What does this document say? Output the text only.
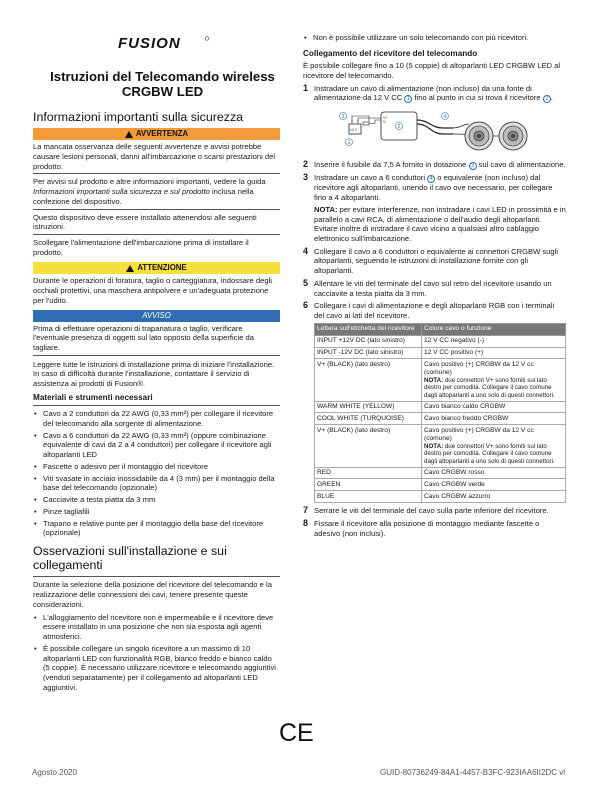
FUSION
Istruzioni del Telecomando wireless
CRGBW LED
Informazioni importanti sulla sicurezza
AVVERTENZA

La mancata osservanza delle seguenti avvertenze e avvisi potrebbe causare lesioni personali, danni all'imbarcazione o scarsi prestazioni del prodotto.

Per avvisi sul prodotto e altre informazioni importanti, vedere la guida Informazioni importanti sulla sicurezza e sul prodotto inclusa nella confezione del dispositivo.

Questo dispositivo deve essere installato attenendosi alle seguenti istruzioni.

Scollegare l'alimentazione dell'imbarcazione prima di installare il prodotto.

ATTENZIONE

Durante le operazioni di foratura, taglio o carteggiatura, indossare degli occhiali protettivi, una maschera antipolvere e un'adeguata protezione per l'udito.

AVVISO

Prima di effettuare operazioni di trapanatura o taglio, verificare l'eventuale presenza di oggetti sul lato opposto della superficie da tagliare.

Leggere tutte le istruzioni di installazione prima di iniziare l'installazione. In caso di difficoltà durante l'installazione, contattare il servizio di assistenza ai prodotti di Fusion®.

Materiali e strumenti necessari
• Cavo a 2 conduttori da 22 AWG (0,33 mm²) per collegare il ricevitore del telecomando alla sorgente di alimentazione.
• Cavo a 6 conduttori da 22 AWG (0,33 mm²) (oppure combinazione equivalente di cavi da 2 a 4 conduttori) per collegare il ricevitore agli altoparlanti LED
• Fascette o adesivo per il montaggio del ricevitore
• Viti svasate in acciaio inossidabile da 4 (3 mm) per il montaggio della base del telecomando (opzionale)
• Cacciavite a testa piatta da 3 mm
• Pinze tagliafili
• Trapano e relative punte per il montaggio della base del ricevitore (opzionale)
Osservazioni sull'installazione e sui collegamenti

Durante la selezione della posizione del ricevitore del telecomando e la realizzazione delle connessioni dei cavi, tenere presente queste considerazioni.

• L'alloggiamento del ricevitore non è impermeabile e il ricevitore deve essere installato in una posizione che non sia esposta agli agenti atmosferici.
• È possibile collegare un singolo ricevitore a un massimo di 10 altoparlanti LED con funzionalità RGB, bianco freddo e bianco caldo (5 coppie). È necessario utilizzare ricevitore e telecomando aggiuntivi (venduti separatamente) per il collegamento ad altoparlanti LED aggiuntivi.
• Non è possibile utilizzare un solo telecomando con più ricevitori.
Collegamento del ricevitore del telecomando

È possibile collegare fino a 10 (5 coppie) di altoparlanti LED CRGBW LED al ricevitore del telecomando.

1 Instradare un cavo di alimentazione (non incluso) da una fonte di alimentazione da 12 V CC 1 fino al punto in cui si trova il ricevitore 2 .
12 V
V+
V-
3
1
2
4
2 Inserire il fusibile da 7,5 A fornito in dotazione 3 sul cavo di alimentazione.
3 Instradare un cavo a 6 conduttori 4 o equivalente (non incluso) dal ricevitore agli altoparlanti, unendo il cavo ove necessario, per collegare fino a 4 altoparlanti.

NOTA: per evitare interferenze, non instradare i cavi LED in prossimità e in parallelo a cavi RCA, di alimentazione o dell'audio degli altoparlanti. Evitare inoltre di instradare il cavo vicino a qualsiasi altro cablaggio elettronico sull'imbarcazione.

4 Collegare il cavo a 6 conduttori o equivalente ai connettori CRGBW sugli altoparlanti, seguendo le istruzioni di installazione fornite con gli altoparlanti.
5 Allentare le viti del terminale del cavo sul retro del ricevitore usando un cacciavite a testa piatta da 3 mm.
6 Collegare i cavi di alimentazione e degli altoparlanti RGB con i terminali del cavo ai lati del ricevitore.
Lettera sull'etichetta del ricevitore	Colore cavo o funzione
INPUT +12V DC (lato sinistro)	12 V CC negativo (-)
INPUT -12V DC (lato sinistro)	12 V CC positivo (+)
V+ (BLACK) (lato destro)	Cavo positivo (+) CRGBW da 12 V cc (comune)
NOTA: due connettori V+ sono forniti sul lato destro per comodità. Collegare il cavo comune dagli altoparlanti a uno solo di questi connettori.

WARM WHITE (YELLOW)	Cavo bianco caldo CRGBW
COOL WHITE (TURQUOISE)	Cavo bianco freddo CRGBW
V+ (BLACK) (lato destro)	Cavo positivo (+) CRGBW da 12 V cc (comune)
NOTA: due connettori V+ sono forniti sul lato destro per comodità. Collegare il cavo comune dagli altoparlanti a uno solo di questi connettori.

RED	Cavo CRGBW rosso
GREEN	Cavo CRGBW verde
BLUE	Cavo CRGBW azzurro
7 Serrare le viti del terminale del cavo sulla parte inferiore del ricevitore.
8 Fissare il ricevitore alla posizione di montaggio mediante fascette o adesivo (non inclusi).
CE
Agosto 2020	GUID-80736249-84A1-4457-B3FC-923IAA6II2DC vl
